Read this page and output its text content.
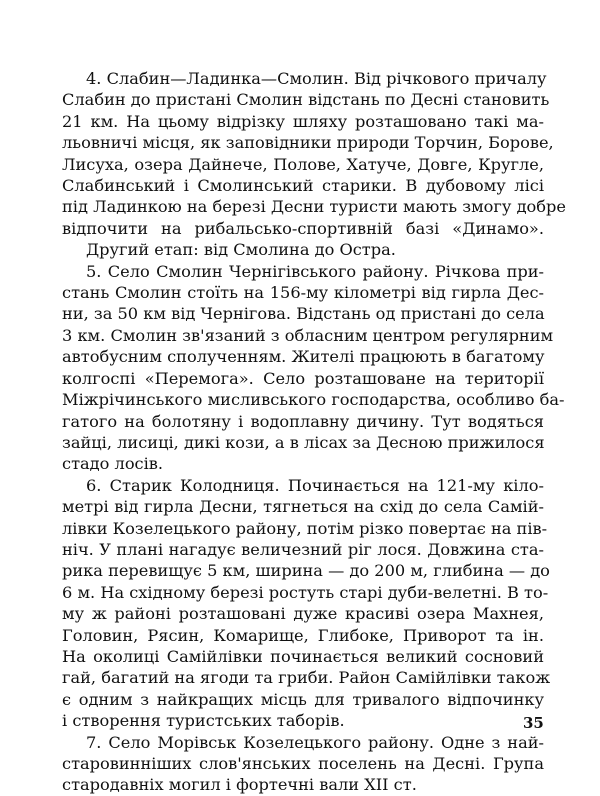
4. Слабин—Ладинка—Смолин. Від річкового причалу
Слабин до пристані Смолин відстань по Десні становить
21 км. На цьому відрізку шляху розташовано такі ма-
льовничі місця, як заповідники природи Торчин, Борове,
Лисуха, озера Дайнече, Полове, Хатуче, Довге, Кругле,
Слабинський і Смолинський старики. В дубовому лісі
під Ладинкою на березі Десни туристи мають змогу добре
відпочити на рибальсько-спортивній базі «Динамо».
Другий етап: від Смолина до Остра.
5. Село Смолин Чернігівського району. Річкова при-
стань Смолин стоїть на 156-му кілометрі від гирла Дес-
ни, за 50 км від Чернігова. Відстань од пристані до села
3 км. Смолин зв'язаний з обласним центром регулярним
автобусним сполученням. Жителі працюють в багатому
колгоспі «Перемога». Село розташоване на території
Міжрічинського мисливського господарства, особливо ба-
гатого на болотяну і водоплавну дичину. Тут водяться
зайці, лисиці, дикі кози, а в лісах за Десною прижилося
стадо лосів.
6. Старик Колодниця. Починається на 121-му кіло-
метрі від гирла Десни, тягнеться на схід до села Самій-
лівки Козелецького району, потім різко повертає на пів-
ніч. У плані нагадує величезний ріг лося. Довжина ста-
рика перевищує 5 км, ширина — до 200 м, глибина — до
6 м. На східному березі ростуть старі дуби-велетні. В то-
му ж районі розташовані дуже красиві озера Махнея,
Головин, Рясин, Комарище, Глибоке, Приворот та ін.
На околиці Самійлівки починається великий сосновий
гай, багатий на ягоди та гриби. Район Самійлівки також
є одним з найкращих місць для тривалого відпочинку
і створення туристських таборів.
7. Село Морівськ Козелецького району. Одне з най-
старовинніших слов'янських поселень на Десні. Група
стародавніх могил і фортечні вали XII ст.
35
